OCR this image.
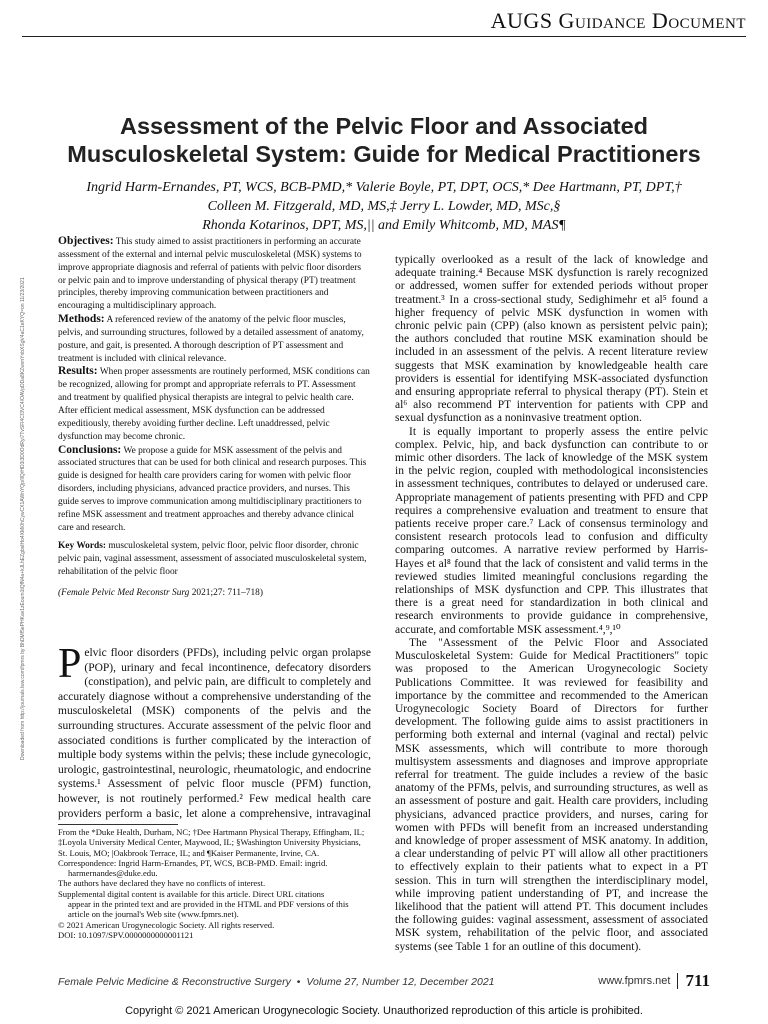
AUGS Guidance Document
Assessment of the Pelvic Floor and Associated Musculoskeletal System: Guide for Medical Practitioners
Ingrid Harm-Ernandes, PT, WCS, BCB-PMD,* Valerie Boyle, PT, DPT, OCS,* Dee Hartmann, PT, DPT,†
Colleen M. Fitzgerald, MD, MS,‡ Jerry L. Lowder, MD, MSc,§
Rhonda Kotarinos, DPT, MS,|| and Emily Whitcomb, MD, MAS¶
Downloaded from http://journals.lww.com/fpmrs by BhDMf5ePHKav1zEoum1tQfN4a+kJLhEZgbsIHo4XMi0hCywCX1AWnYQp/IlQrHD3i3D0OdRyi7TvSFl4Cf3VC4/OAVpDDa8KZwvnYnbXSgV4aC1eKYQ=on 11/23/2021

Objectives: This study aimed to assist practitioners in performing an accurate assessment of the external and internal pelvic musculoskeletal (MSK) systems to improve appropriate diagnosis and referral of patients with pelvic floor disorders or pelvic pain and to improve understanding of physical therapy (PT) treatment principles, thereby improving communication between practitioners and encouraging a multidisciplinary approach.

Methods: A referenced review of the anatomy of the pelvic floor muscles, pelvis, and surrounding structures, followed by a detailed assessment of anatomy, posture, and gait, is presented. A thorough description of PT assessment and treatment is included with clinical relevance.

Results: When proper assessments are routinely performed, MSK conditions can be recognized, allowing for prompt and appropriate referrals to PT. Assessment and treatment by qualified physical therapists are integral to pelvic health care. After efficient medical assessment, MSK dysfunction can be addressed expeditiously, thereby avoiding further decline. Left unaddressed, pelvic dysfunction may become chronic.

Conclusions: We propose a guide for MSK assessment of the pelvis and associated structures that can be used for both clinical and research purposes. This guide is designed for health care providers caring for women with pelvic floor disorders, including physicians, advanced practice providers, and nurses. This guide serves to improve communication among multidisciplinary practitioners to refine MSK assessment and treatment approaches and thereby advance clinical care and research.

Key Words: musculoskeletal system, pelvic floor, pelvic floor disorder, chronic pelvic pain, vaginal assessment, assessment of associated musculoskeletal system, rehabilitation of the pelvic floor

(Female Pelvic Med Reconstr Surg 2021;27: 711–718)

Pelvic floor disorders (PFDs), including pelvic organ prolapse (POP), urinary and fecal incontinence, defecatory disorders (constipation), and pelvic pain, are difficult to completely and accurately diagnose without a comprehensive understanding of the musculoskeletal (MSK) components of the pelvis and the surrounding structures. Accurate assessment of the pelvic floor and associated conditions is further complicated by the interaction of multiple body systems within the pelvis; these include gynecologic, urologic, gastrointestinal, neurologic, rheumatologic, and endocrine systems.¹ Assessment of pelvic floor muscle (PFM) function, however, is not routinely performed.² Few medical health care providers perform a basic, let alone a comprehensive, intravaginal
From the *Duke Health, Durham, NC; †Dee Hartmann Physical Therapy, Effingham, IL; ‡Loyola University Medical Center, Maywood, IL; §Washington University Physicians, St. Louis, MO; |Oakbrook Terrace, IL; and ¶Kaiser Permanente, Irvine, CA.
Correspondence: Ingrid Harm-Ernandes, PT, WCS, BCB-PMD. Email: ingrid.
harmernandes@duke.edu.
The authors have declared they have no conflicts of interest.
Supplemental digital content is available for this article. Direct URL citations
appear in the printed text and are provided in the HTML and PDF versions of this article on the journal's Web site (www.fpmrs.net).
© 2021 American Urogynecologic Society. All rights reserved.
DOI: 10.1097/SPV.0000000000001121

typically overlooked as a result of the lack of knowledge and adequate training.⁴ Because MSK dysfunction is rarely recognized or addressed, women suffer for extended periods without proper treatment.³ In a cross-sectional study, Sedighimehr et al⁵ found a higher frequency of pelvic MSK dysfunction in women with chronic pelvic pain (CPP) (also known as persistent pelvic pain); the authors concluded that routine MSK examination should be included in an assessment of the pelvis. A recent literature review suggests that MSK examination by knowledgeable health care providers is essential for identifying MSK-associated dysfunction and ensuring appropriate referral to physical therapy (PT). Stein et al⁶ also recommend PT intervention for patients with CPP and sexual dysfunction as a noninvasive treatment option.

It is equally important to properly assess the entire pelvic complex. Pelvic, hip, and back dysfunction can contribute to or mimic other disorders. The lack of knowledge of the MSK system in the pelvic region, coupled with methodological inconsistencies in assessment techniques, contributes to delayed or underused care. Appropriate management of patients presenting with PFD and CPP requires a comprehensive evaluation and treatment to ensure that patients receive proper care.⁷ Lack of consensus terminology and consistent research protocols lead to confusion and difficulty comparing outcomes. A narrative review performed by Harris-Hayes et al⁸ found that the lack of consistent and valid terms in the reviewed studies limited meaningful conclusions regarding the relationships of MSK dysfunction and CPP. This illustrates that there is a great need for standardization in both clinical and research environments to provide guidance in comprehensive, accurate, and comfortable MSK assessment.⁴,⁹,¹⁰

The "Assessment of the Pelvic Floor and Associated Musculoskeletal System: Guide for Medical Practitioners" topic was proposed to the American Urogynecologic Society Publications Committee. It was reviewed for feasibility and importance by the committee and recommended to the American Urogynecologic Society Board of Directors for further development. The following guide aims to assist practitioners in performing both external and internal (vaginal and rectal) pelvic MSK assessments, which will contribute to more thorough multisystem assessments and diagnoses and improve appropriate referral for treatment. The guide includes a review of the basic anatomy of the PFMs, pelvis, and surrounding structures, as well as an assessment of posture and gait. Health care providers, including physicians, advanced practice providers, and nurses, caring for women with PFDs will benefit from an increased understanding and knowledge of proper assessment of MSK anatomy. In addition, a clear understanding of pelvic PT will allow all other practitioners to effectively explain to their patients what to expect in a PT session. This in turn will strengthen the interdisciplinary model, while improving patient understanding of PT, and increase the likelihood that the patient will attend PT. This document includes the following guides: vaginal assessment, assessment of associated MSK system, rehabilitation of the pelvic floor, and associated systems (see Table 1 for an outline of this document).

Female Pelvic Medicine & Reconstructive Surgery • Volume 27, Number 12, December 2021	www.fpmrs.net 711
Copyright © 2021 American Urogynecologic Society. Unauthorized reproduction of this article is prohibited.
